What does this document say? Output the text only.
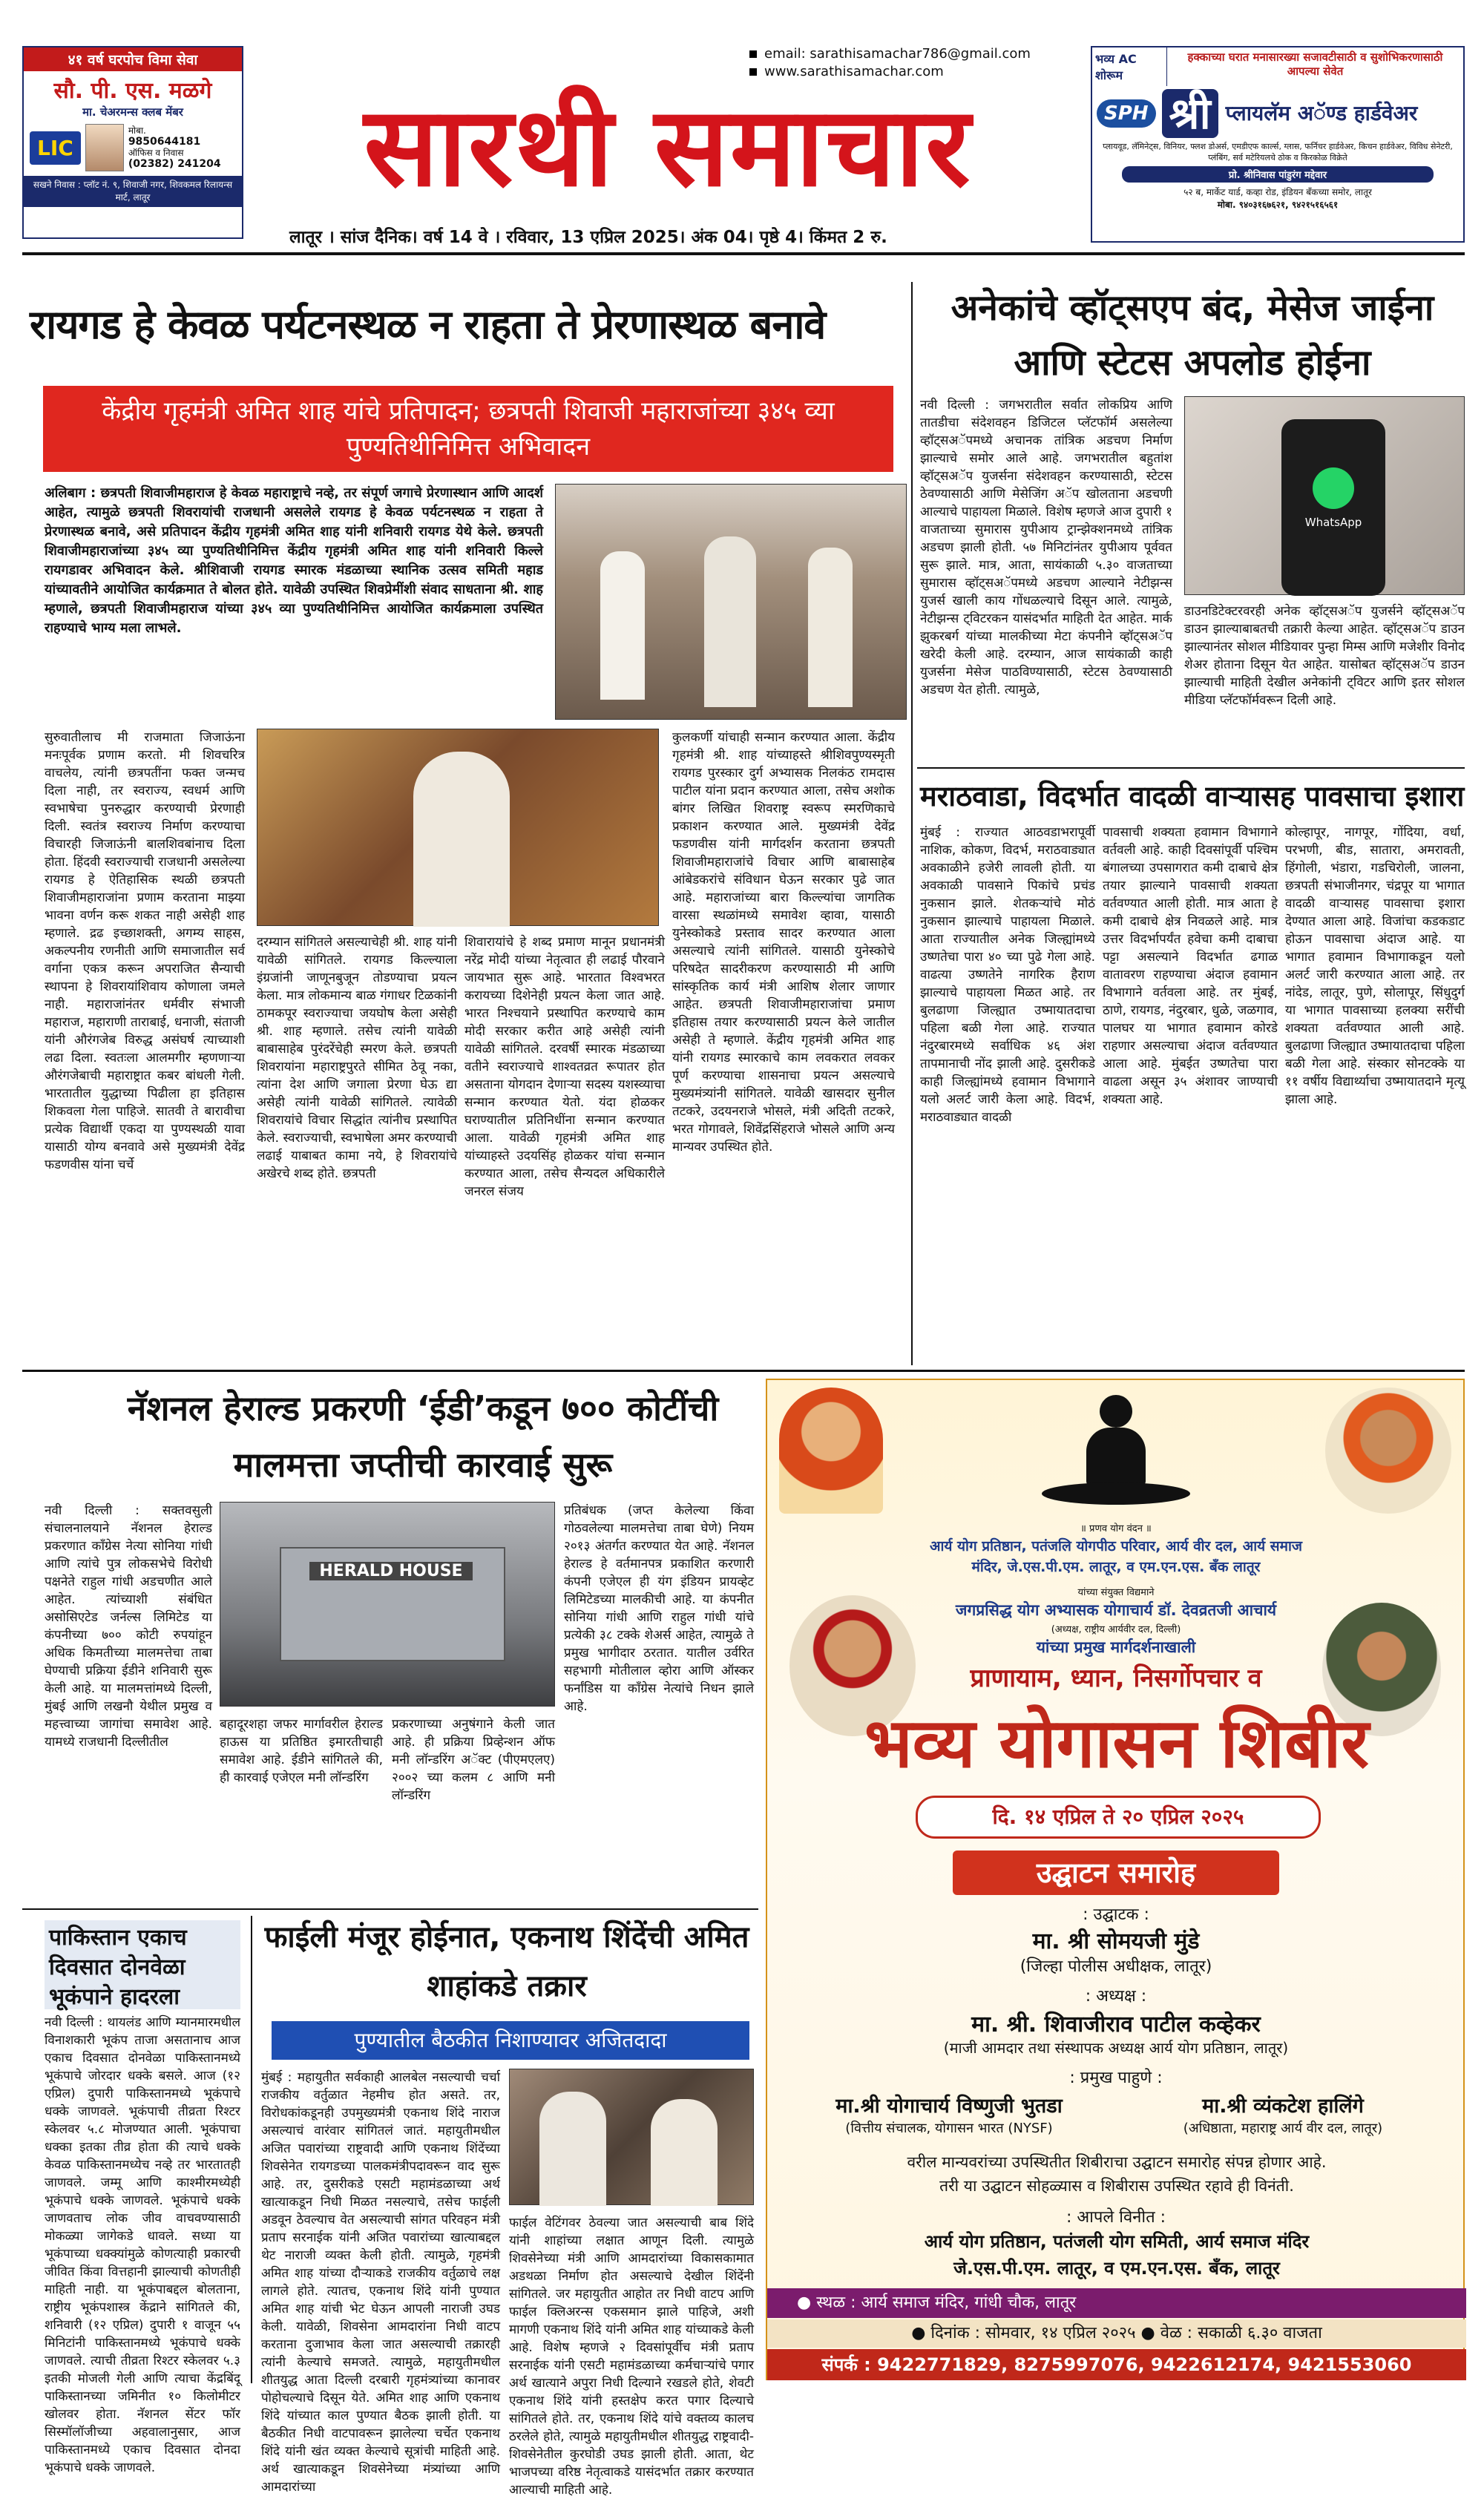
४१ वर्ष घरपोच विमा सेवा
सौ. पी. एस. मळगे
मा. चेअरमन्स क्लब मेंबर
LIC
मोबा.
9850644181
ऑफिस व निवास
(02382) 241204
सखने निवास : प्लॉट नं. ९, शिवाजी नगर, शिवकमल रिलायन्स मार्ट, लातूर
email: sarathisamachar786@gmail.com
www.sarathisamachar.com
सारथी समाचार
लातूर । सांज दैनिक। वर्ष 14 वे । रविवार, 13 एप्रिल 2025। अंक 04। पृष्ठे 4। किंमत 2 रु.
भव्य AC शोरूम
हक्काच्या घरात मनासारख्या सजावटीसाठी व सुशोभिकरणासाठी आपल्या सेवेत
SPH श्री प्लायलॅम अॅण्ड हार्डवेअर
प्लायवूड, लॅमिनेट्स, विनियर, फ्लश डोअर्स, एमडीएफ कार्ल्स, ग्लास, फर्निचर हार्डवेअर, किचन हार्डवेअर, विविध सेनेटरी, प्लंबिंग, सर्व मटेरियलचे ठोक व किरकोळ विक्रेते
प्रो. श्रीनिवास पांडुरंग मद्देवार
५२ ब, मार्केट यार्ड, कव्हा रोड, इंडियन बँकच्या समोर, लातूर
मोबा. ९४०३१६७६२१, ९४२१५१६५६१
रायगड हे केवळ पर्यटनस्थळ न राहता ते प्रेरणास्थळ बनावे
केंद्रीय गृहमंत्री अमित शाह यांचे प्रतिपादन; छत्रपती शिवाजी महाराजांच्या ३४५ व्या पुण्यतिथीनिमित्त अभिवादन
अलिबाग : छत्रपती शिवाजीमहाराज हे केवळ महाराष्ट्राचे नव्हे, तर संपूर्ण जगाचे प्रेरणास्थान आणि आदर्श आहेत, त्यामुळे छत्रपती शिवरायांची राजधानी असलेले रायगड हे केवळ पर्यटनस्थळ न राहता ते प्रेरणास्थळ बनावे, असे प्रतिपादन केंद्रीय गृहमंत्री अमित शाह यांनी शनिवारी रायगड येथे केले. छत्रपती शिवाजीमहाराजांच्या ३४५ व्या पुण्यतिथीनिमित्त केंद्रीय गृहमंत्री अमित शाह यांनी शनिवारी किल्ले रायगडावर अभिवादन केले. श्रीशिवाजी रायगड स्मारक मंडळाच्या स्थानिक उत्सव समिती महाड यांच्यावतीने आयोजित कार्यक्रमात ते बोलत होते. यावेळी उपस्थित शिवप्रेमींशी संवाद साधताना श्री. शाह म्हणाले, छत्रपती शिवाजीमहाराज यांच्या ३४५ व्या पुण्यतिथीनिमित्त आयोजित कार्यक्रमाला उपस्थित राहण्याचे भाग्य मला लाभले.
सुरुवातीलाच मी राजमाता जिजाऊंना मनःपूर्वक प्रणाम करतो. मी शिवचरित्र वाचलेय, त्यांनी छत्रपतींना फक्त जन्मच दिला नाही, तर स्वराज्य, स्वधर्म आणि स्वभाषेचा पुनरुद्धार करण्याची प्रेरणाही दिली. स्वतंत्र स्वराज्य निर्माण करण्याचा विचारही जिजाऊंनी बालशिवबांनाच दिला होता. हिंदवी स्वराज्याची राजधानी असलेल्या रायगड हे ऐतिहासिक स्थळी छत्रपती शिवाजीमहाराजांना प्रणाम करताना माझ्या भावना वर्णन करू शकत नाही असेही शाह म्हणाले. द्रढ इच्छाशक्ती, अगम्य साहस, अकल्पनीय रणनीती आणि समाजातील सर्व वर्गाना एकत्र करून अपराजित सैन्याची स्थापना हे शिवरायांशिवाय कोणाला जमले नाही. महाराजांनंतर धर्मवीर संभाजी महाराज, महाराणी ताराबाई, धनाजी, संताजी यांनी औरंगजेब विरुद्ध असंघर्ष त्याच्याशी लढा दिला. स्वतःला आलमगीर म्हणणाऱ्या औरंगजेबाची महाराष्ट्रात कबर बांधली गेली. भारतातील युद्धाच्या पिढीला हा इतिहास शिकवला गेला पाहिजे. सातवी ते बारावीचा प्रत्येक विद्यार्थी एकदा या पुण्यस्थळी यावा यासाठी योग्य बनवावे असे मुख्यमंत्री देवेंद्र फडणवीस यांना चर्चे
दरम्यान सांगितले असल्याचेही श्री. शाह यांनी यावेळी सांगितले. रायगड किल्ल्याला इंग्रजांनी जाणूनबुजून तोडण्याचा प्रयत्न केला. मात्र लोकमान्य बाळ गंगाधर टिळकांनी ठामकपूर स्वराज्याचा जयघोष केला असेही श्री. शाह म्हणाले. तसेच त्यांनी यावेळी बाबासाहेब पुरंदरेंचेही स्मरण केले. छत्रपती शिवरायांना महाराष्ट्रपुरते सीमित ठेवू नका, त्यांना देश आणि जगाला प्रेरणा घेऊ द्या असेही त्यांनी यावेळी सांगितले. त्यावेळी शिवरायांचे विचार सिद्धांत त्यांनीच प्रस्थापित केले. स्वराज्याची, स्वभाषेला अमर करण्याची लढाई याबाबत कामा नये, हे शिवरायांचे अखेरचे शब्द होते. छत्रपती
शिवारायांचे हे शब्द प्रमाण मानून प्रधानमंत्री नरेंद्र मोदी यांच्या नेतृत्वात ही लढाई पौरवाने जायभात सुरू आहे. भारतात विश्वभरत करायच्या दिशेनेही प्रयत्न केला जात आहे. भारत निश्चयाने प्रस्थापित करण्याचे काम मोदी सरकार करीत आहे असेही त्यांनी यावेळी सांगितले. दरवर्षी स्मारक मंडळाच्या वतीने स्वराज्याचे शाश्वतव्रत रूपातर होत असताना योगदान देणाऱ्या सदस्य यशस्व्याचा सन्मान करण्यात येतो. यंदा होळकर घराण्यातील प्रतिनिधींना सन्मान करण्यात आला. यावेळी गृहमंत्री अमित शाह यांच्याहस्ते उदयसिंह होळकर यांचा सन्मान करण्यात आला, तसेच सैन्यदल अधिकारीले जनरल संजय
कुलकर्णी यांचाही सन्मान करण्यात आला. केंद्रीय गृहमंत्री श्री. शाह यांच्याहस्ते श्रीशिवपुण्यस्मृती रायगड पुरस्कार दुर्ग अभ्यासक निलकंठ रामदास पाटील यांना प्रदान करण्यात आला, तसेच अशोक बांगर लिखित शिवराष्ट्र स्वरूप स्मरणिकाचे प्रकाशन करण्यात आले. मुख्यमंत्री देवेंद्र फडणवीस यांनी मार्गदर्शन करताना छत्रपती शिवाजीमहाराजांचे विचार आणि बाबासाहेब आंबेडकरांचे संविधान घेऊन सरकार पुढे जात आहे. महाराजांच्या बारा किल्ल्यांचा जागतिक वारसा स्थळांमध्ये समावेश व्हावा, यासाठी युनेस्कोकडे प्रस्ताव सादर करण्यात आला असल्याचे त्यांनी सांगितले. यासाठी युनेस्कोचे परिषदेत सादरीकरण करण्यासाठी मी आणि सांस्कृतिक कार्य मंत्री आशिष शेलार जाणार आहेत. छत्रपती शिवाजीमहाराजांचा प्रमाण इतिहास तयार करण्यासाठी प्रयत्न केले जातील असेही ते म्हणाले. केंद्रीय गृहमंत्री अमित शाह यांनी रायगड स्मारकाचे काम लवकरात लवकर पूर्ण करण्याचा शासनाचा प्रयत्न असल्याचे मुख्यमंत्र्यांनी सांगितले. यावेळी खासदार सुनील तटकरे, उदयनराजे भोसले, मंत्री अदिती तटकरे, भरत गोगावले, शिवेंद्रसिंहराजे भोसले आणि अन्य मान्यवर उपस्थित होते.
अनेकांचे व्हॉट्सएप बंद, मेसेज जाईना आणि स्टेटस अपलोड होईना
नवी दिल्ली : जगभरातील सर्वात लोकप्रिय आणि तातडीचा संदेशवहन डिजिटल प्लॅटफॉर्म असलेल्या व्हॉट्सअॅपमध्ये अचानक तांत्रिक अडचण निर्माण झाल्याचे समोर आले आहे. जगभरातील बहुतांश व्हॉट्सअॅप युजर्सना संदेशवहन करण्यासाठी, स्टेटस ठेवण्यासाठी आणि मेसेजिंग अॅप खोलताना अडचणी आल्याचे पाहायला मिळाले. विशेष म्हणजे आज दुपारी १ वाजताच्या सुमारास युपीआय ट्रान्झेक्शनमध्ये तांत्रिक अडचण झाली होती. ५७ मिनिटांनंतर युपीआय पूर्ववत सुरू झाले. मात्र, आता, सायंकाळी ५.३० वाजताच्या सुमारास व्हॉट्सअॅपमध्ये अडचण आल्याने नेटीझन्स युजर्स खाली काय गोंधळल्याचे दिसून आले. त्यामुळे, नेटीझन्स ट्विटरकन यासंदर्भात माहिती देत आहेत. मार्क झुकरबर्ग यांच्या मालकीच्या मेटा कंपनीने व्हॉट्सअॅप खरेदी केली आहे. दरम्यान, आज सायंकाळी काही युजर्सना मेसेज पाठविण्यासाठी, स्टेटस ठेवण्यासाठी अडचण येत होती. त्यामुळे,
WhatsApp
डाउनडिटेक्टरवरही अनेक व्हॉट्सअॅप युजर्सने व्हॉट्सअॅप डाउन झाल्याबाबतची तक्रारी केल्या आहेत. व्हॉट्सअॅप डाउन झाल्यानंतर सोशल मीडियावर पुन्हा मिम्स आणि मजेशीर विनोद शेअर होताना दिसून येत आहेत. यासोबत व्हॉट्सअॅप डाउन झाल्याची माहिती देखील अनेकांनी ट्विटर आणि इतर सोशल मीडिया प्लॅटफॉर्मवरून दिली आहे.
मराठवाडा, विदर्भात वादळी वाऱ्यासह पावसाचा इशारा
मुंबई : राज्यात आठवडाभरापूर्वी नाशिक, कोकण, विदर्भ, मराठवाड्यात अवकाळीने हजेरी लावली होती. या अवकाळी पावसाने पिकांचे प्रचंड नुकसान झाले. शेतकऱ्यांचे मोठं नुकसान झाल्याचे पाहायला मिळाले. आता राज्यातील अनेक जिल्ह्यांमध्ये उष्णतेचा पारा ४० च्या पुढे गेला आहे. वाढत्या उष्णतेने नागरिक हैराण झाल्याचे पाहायला मिळत आहे. तर बुलढाणा जिल्ह्यात उष्मायातदाचा पहिला बळी गेला आहे. राज्यात नंदुरबारमध्ये सर्वाधिक ४६ अंश तापमानाची नोंद झाली आहे. दुसरीकडे काही जिल्ह्यांमध्ये हवामान विभागाने यलो अलर्ट जारी केला आहे. विदर्भ, मराठवाड्यात वादळी
पावसाची शक्यता हवामान विभागाने वर्तवली आहे. काही दिवसांपूर्वी पश्चिम बंगालच्या उपसागरात कमी दाबाचे क्षेत्र तयार झाल्याने पावसाची शक्यता वर्तवण्यात आली होती. मात्र आता हे कमी दाबाचे क्षेत्र निवळले आहे. मात्र उत्तर विदर्भापर्यंत हवेचा कमी दाबाचा पट्टा असल्याने विदर्भात ढगाळ वातावरण राहण्याचा अंदाज हवामान विभागाने वर्तवला आहे. तर मुंबई, ठाणे, रायगड, नंदुरबार, धुळे, जळगाव, पालघर या भागात हवामान कोरडे राहणार असल्याचा अंदाज वर्तवण्यात आला आहे. मुंबईत उष्णतेचा पारा वाढला असून ३५ अंशावर जाण्याची शक्यता आहे.
कोल्हापूर, नागपूर, गोंदिया, वर्धा, परभणी, बीड, सातारा, अमरावती, हिंगोली, भंडारा, गडचिरोली, जालना, छत्रपती संभाजीनगर, चंद्रपूर या भागात वादळी वाऱ्यासह पावसाचा इशारा देण्यात आला आहे. विजांचा कडकडाट होऊन पावसाचा अंदाज आहे. या भागात हवामान विभागाकडून यलो अलर्ट जारी करण्यात आला आहे. तर नांदेड, लातूर, पुणे, सोलापूर, सिंधुदुर्ग या भागात पावसाच्या हलक्या सरींची शक्यता वर्तवण्यात आली आहे. बुलढाणा जिल्ह्यात उष्मायातदाचा पहिला बळी गेला आहे. संस्कार सोनटक्के या ११ वर्षीय विद्यार्थ्याचा उष्मायातदाने मृत्यू झाला आहे.
नॅशनल हेराल्ड प्रकरणी ‘ईडी’कडून ७०० कोटींची मालमत्ता जप्तीची कारवाई सुरू
नवी दिल्ली : सक्तवसुली संचालनालयाने नॅशनल हेराल्ड प्रकरणात काँग्रेस नेत्या सोनिया गांधी आणि त्यांचे पुत्र लोकसभेचे विरोधी पक्षनेते राहुल गांधी अडचणीत आले आहेत. त्यांच्याशी संबंधित असोसिएटेड जर्नल्स लिमिटेड या कंपनीच्या ७०० कोटी रुपयांहून अधिक किमतीच्या मालमत्तेचा ताबा घेण्याची प्रक्रिया ईडीने शनिवारी सुरू केली आहे. या मालमत्तांमध्ये दिल्ली, मुंबई आणि लखनौ येथील प्रमुख व महत्त्वाच्या जागांचा समावेश आहे. यामध्ये राजधानी दिल्लीतील
HERALD HOUSE
बहादूरशहा जफर मार्गावरील हेराल्ड हाऊस या प्रतिष्ठित इमारतीचाही समावेश आहे. ईडीने सांगितले की, ही कारवाई एजेएल मनी लॉन्डरिंग
प्रकरणाच्या अनुषंगाने केली जात आहे. ही प्रक्रिया प्रिव्हेन्शन ऑफ मनी लॉन्डरिंग अॅक्ट (पीएमएलए) २००२ च्या कलम ८ आणि मनी लॉन्डरिंग
प्रतिबंधक (जप्त केलेल्या किंवा गोठवलेल्या मालमत्तेचा ताबा घेणे) नियम २०१३ अंतर्गत करण्यात येत आहे. नॅशनल हेराल्ड हे वर्तमानपत्र प्रकाशित करणारी कंपनी एजेएल ही यंग इंडियन प्रायव्हेट लिमिटेडच्या मालकीची आहे. या कंपनीत सोनिया गांधी आणि राहुल गांधी यांचे प्रत्येकी ३८ टक्के शेअर्स आहेत, त्यामुळे ते प्रमुख भागीदार ठरतात. यातील उर्वरित सहभागी मोतीलाल व्होरा आणि ऑस्कर फर्नांडिस या काँग्रेस नेत्यांचे निधन झाले आहे.
पाकिस्तान एकाच दिवसात दोनवेळा भूकंपाने हादरला
नवी दिल्ली : थायलंड आणि म्यानमारमधील विनाशकारी भूकंप ताजा असतानाच आज एकाच दिवसात दोनवेळा पाकिस्तानमध्ये भूकंपाचे जोरदार धक्के बसले. आज (१२ एप्रिल) दुपारी पाकिस्तानमध्ये भूकंपाचे धक्के जाणवले. भूकंपाची तीव्रता रिश्टर स्केलवर ५.८ मोजण्यात आली. भूकंपाचा धक्का इतका तीव्र होता की त्याचे धक्के केवळ पाकिस्तानमध्येच नव्हे तर भारतातही जाणवले. जम्मू आणि काश्मीरमध्येही भूकंपाचे धक्के जाणवले. भूकंपाचे धक्के जाणवताच लोक जीव वाचवण्यासाठी मोकळ्या जागेकडे धावले. सध्या या भूकंपाच्या धक्क्यांमुळे कोणत्याही प्रकारची जीवित किंवा वित्तहानी झाल्याची कोणतीही माहिती नाही. या भूकंपाबद्दल बोलताना, राष्ट्रीय भूकंपशास्त्र केंद्राने सांगितले की, शनिवारी (१२ एप्रिल) दुपारी १ वाजून ५५ मिनिटांनी पाकिस्तानमध्ये भूकंपाचे धक्के जाणवले. त्याची तीव्रता रिश्टर स्केलवर ५.३ इतकी मोजली गेली आणि त्याचा केंद्रबिंदू पाकिस्तानच्या जमिनीत १० किलोमीटर खोलवर होता. नॅशनल सेंटर फॉर सिस्मॉलॉजीच्या अहवालानुसार, आज पाकिस्तानमध्ये एकाच दिवसात दोनदा भूकंपाचे धक्के जाणवले.
फाईली मंजूर होईनात, एकनाथ शिंदेंची अमित शाहांकडे तक्रार
पुण्यातील बैठकीत निशाण्यावर अजितदादा
मुंबई : महायुतीत सर्वकाही आलबेल नसल्याची चर्चा राजकीय वर्तुळात नेहमीच होत असते. तर, विरोधकांकडूनही उपमुख्यमंत्री एकनाथ शिंदे नाराज असल्याचं वारंवार सांगितलं जातं. महायुतीमधील अजित पवारांच्या राष्ट्रवादी आणि एकनाथ शिंदेंच्या शिवसेनेत रायगडच्या पालकमंत्रीपदावरून वाद सुरू आहे. तर, दुसरीकडे एसटी महामंडळाच्या अर्थ खात्याकडून निधी मिळत नसल्याचे, तसेच फाईली अडवून ठेवल्याच वेत असल्याची सांगत परिवहन मंत्री प्रताप सरनाईक यांनी अजित पवारांच्या खात्याबद्दल थेट नाराजी व्यक्त केली होती. त्यामुळे, गृहमंत्री अमित शाह यांच्या दौऱ्याकडे राजकीय वर्तुळाचे लक्ष लागले होते. त्यातच, एकनाथ शिंदे यांनी पुण्यात अमित शाह यांची भेट घेऊन आपली नाराजी उघड केली. यावेळी, शिवसेना आमदारांना निधी वाटप करताना दुजाभाव केला जात असल्याची तक्रारही त्यांनी केल्याचे समजते. त्यामुळे, महायुतीमधील शीतयुद्ध आता दिल्ली दरबारी गृहमंत्र्यांच्या कानावर पोहोचल्याचे दिसून येते. अमित शाह आणि एकनाथ शिंदे यांच्यात काल पुण्यात बैठक झाली होती. या बैठकीत निधी वाटपावरून झालेल्या चर्चेत एकनाथ शिंदे यांनी खंत व्यक्त केल्याचे सूत्रांची माहिती आहे. अर्थ खात्याकडून शिवसेनेच्या मंत्र्यांच्या आणि आमदारांच्या
फाईल वेटिंगवर ठेवल्या जात असल्याची बाब शिंदे यांनी शाहांच्या लक्षात आणून दिली. त्यामुळे शिवसेनेच्या मंत्री आणि आमदारांच्या विकासकामात अडथळा निर्माण होत असल्याचे देखील शिंदेंनी सांगितले. जर महायुतीत आहोत तर निधी वाटप आणि फाईल क्लिअरन्स एकसमान झाले पाहिजे, अशी मागणी एकनाथ शिंदे यांनी अमित शाह यांच्याकडे केली आहे. विशेष म्हणजे २ दिवसांपूर्वीच मंत्री प्रताप सरनाईक यांनी एसटी महामंडळाच्या कर्मचाऱ्यांचे पगार अर्थ खात्याने अपुरा निधी दिल्याने रखडले होते, शेवटी एकनाथ शिंदे यांनी हस्तक्षेप करत पगार दिल्याचे सांगितले होते. तर, एकनाथ शिंदे यांचे वक्तव्य कालच ठरलेले होते, त्यामुळे महायुतीमधील शीतयुद्ध राष्ट्रवादी-शिवसेनेतील कुरघोडी उघड झाली होती. आता, थेट भाजपच्या वरिष्ठ नेतृत्वाकडे यासंदर्भात तक्रार करण्यात आल्याची माहिती आहे.
॥ प्रणव योग वंदन ॥
आर्य योग प्रतिष्ठान, पतंजलि योगपीठ परिवार, आर्य वीर दल, आर्य समाज मंदिर, जे.एस.पी.एम. लातूर, व एम.एन.एस. बँक लातूर
यांच्या संयुक्त विद्यमाने
जगप्रसिद्ध योग अभ्यासक योगाचार्य डॉ. देवव्रतजी आचार्य
(अध्यक्ष, राष्ट्रीय आर्यवीर दल, दिल्ली)
यांच्या प्रमुख मार्गदर्शनाखाली
प्राणायाम, ध्यान, निसर्गोपचार व
भव्य योगासन शिबीर
दि. १४ एप्रिल ते २० एप्रिल २०२५
उद्घाटन समारोह
: उद्घाटक :
मा. श्री सोमयजी मुंडे
(जिल्हा पोलीस अधीक्षक, लातूर)
: अध्यक्ष :
मा. श्री. शिवाजीराव पाटील कव्हेकर
(माजी आमदार तथा संस्थापक अध्यक्ष आर्य योग प्रतिष्ठान, लातूर)
: प्रमुख पाहुणे :
मा.श्री योगाचार्य विष्णुजी भुतडा
(वित्तीय संचालक, योगासन भारत (NYSF)
मा.श्री व्यंकटेश हालिंगे
(अधिष्ठाता, महाराष्ट्र आर्य वीर दल, लातूर)
वरील मान्यवरांच्या उपस्थितीत शिबीराचा उद्घाटन समारोह संपन्न होणार आहे.
तरी या उद्घाटन सोहळ्यास व शिबीरास उपस्थित रहावे ही विनंती.
: आपले विनीत :
आर्य योग प्रतिष्ठान, पतंजली योग समिती, आर्य समाज मंदिर
जे.एस.पी.एम. लातूर, व एम.एन.एस. बँक, लातूर
● स्थळ : आर्य समाज मंदिर, गांधी चौक, लातूर
● दिनांक : सोमवार, १४ एप्रिल २०२५ ● वेळ : सकाळी ६.३० वाजता
संपर्क : 9422771829, 8275997076, 9422612174, 9421553060
